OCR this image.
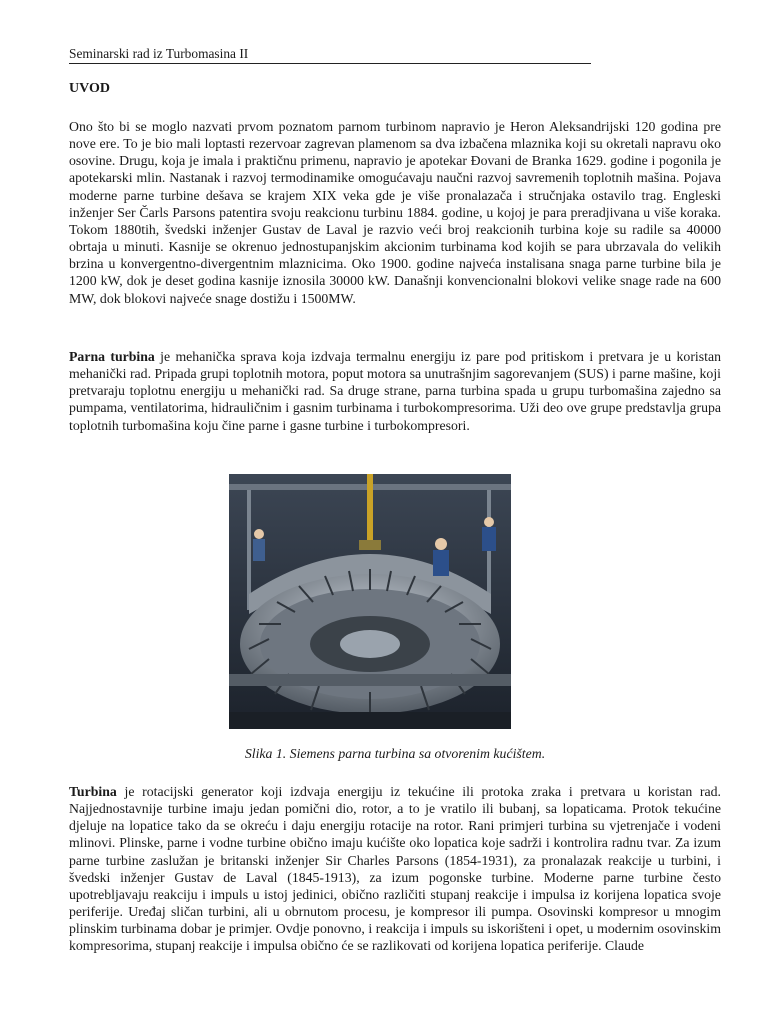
Seminarski rad iz Turbomasina II
UVOD

Ono što bi se moglo nazvati prvom poznatom parnom turbinom napravio je Heron Aleksandrijski 120 godina pre nove ere. To je bio mali loptasti rezervoar zagrevan plamenom sa dva izbačena mlaznika koji su okretali napravu oko osovine. Drugu, koja je imala i praktičnu primenu, napravio je apotekar Đovani de Branka 1629. godine i pogonila je apotekarski mlin. Nastanak i razvoj termodinamike omogućavaju naučni razvoj savremenih toplotnih mašina. Pojava moderne parne turbine dešava se krajem XIX veka gde je više pronalazača i stručnjaka ostavilo trag. Engleski inženjer Ser Čarls Parsons patentira svoju reakcionu turbinu 1884. godine, u kojoj je para preradjivana u više koraka. Tokom 1880tih, švedski inženjer Gustav de Laval je razvio veći broj reakcionih turbina koje su radile sa 40000 obrtaja u minuti. Kasnije se okrenuo jednostupanjskim akcionim turbinama kod kojih se para ubrzavala do velikih brzina u konvergentno-divergentnim mlaznicima. Oko 1900. godine najveća instalisana snaga parne turbine bila je 1200 kW, dok je deset godina kasnije iznosila 30000 kW. Današnji konvencionalni blokovi velike snage rade na 600 MW, dok blokovi najveće snage dostižu i 1500MW.

Parna turbina je mehanička sprava koja izdvaja termalnu energiju iz pare pod pritiskom i pretvara je u koristan mehanički rad. Pripada grupi toplotnih motora, poput motora sa unutrašnjim sagorevanjem (SUS) i parne mašine, koji pretvaraju toplotnu energiju u mehanički rad. Sa druge strane, parna turbina spada u grupu turbomašina zajedno sa pumpama, ventilatorima, hidrauličnim i gasnim turbinama i turbokompresorima. Uži deo ove grupe predstavlja grupa toplotnih turbomašina koju čine parne i gasne turbine i turbokompresori.

Slika 1. Siemens parna turbina sa otvorenim kućištem.

Turbina je rotacijski generator koji izdvaja energiju iz tekućine ili protoka zraka i pretvara u koristan rad. Najjednostavnije turbine imaju jedan pomični dio, rotor, a to je vratilo ili bubanj, sa lopaticama. Protok tekućine djeluje na lopatice tako da se okreću i daju energiju rotacije na rotor. Rani primjeri turbina su vjetrenjače i vodeni mlinovi. Plinske, parne i vodne turbine obično imaju kućište oko lopatica koje sadrži i kontrolira radnu tvar. Za izum parne turbine zaslužan je britanski inženjer Sir Charles Parsons (1854-1931), za pronalazak reakcije u turbini, i švedski inženjer Gustav de Laval (1845-1913), za izum pogonske turbine. Moderne parne turbine često upotrebljavaju reakciju i impuls u istoj jedinici, obično različiti stupanj reakcije i impulsa iz korijena lopatica svoje periferije. Uređaj sličan turbini, ali u obrnutom procesu, je kompresor ili pumpa. Osovinski kompresor u mnogim plinskim turbinama dobar je primjer. Ovdje ponovno, i reakcija i impuls su iskorišteni i opet, u modernim osovinskim kompresorima, stupanj reakcije i impulsa obično će se razlikovati od korijena lopatica periferije. Claude
